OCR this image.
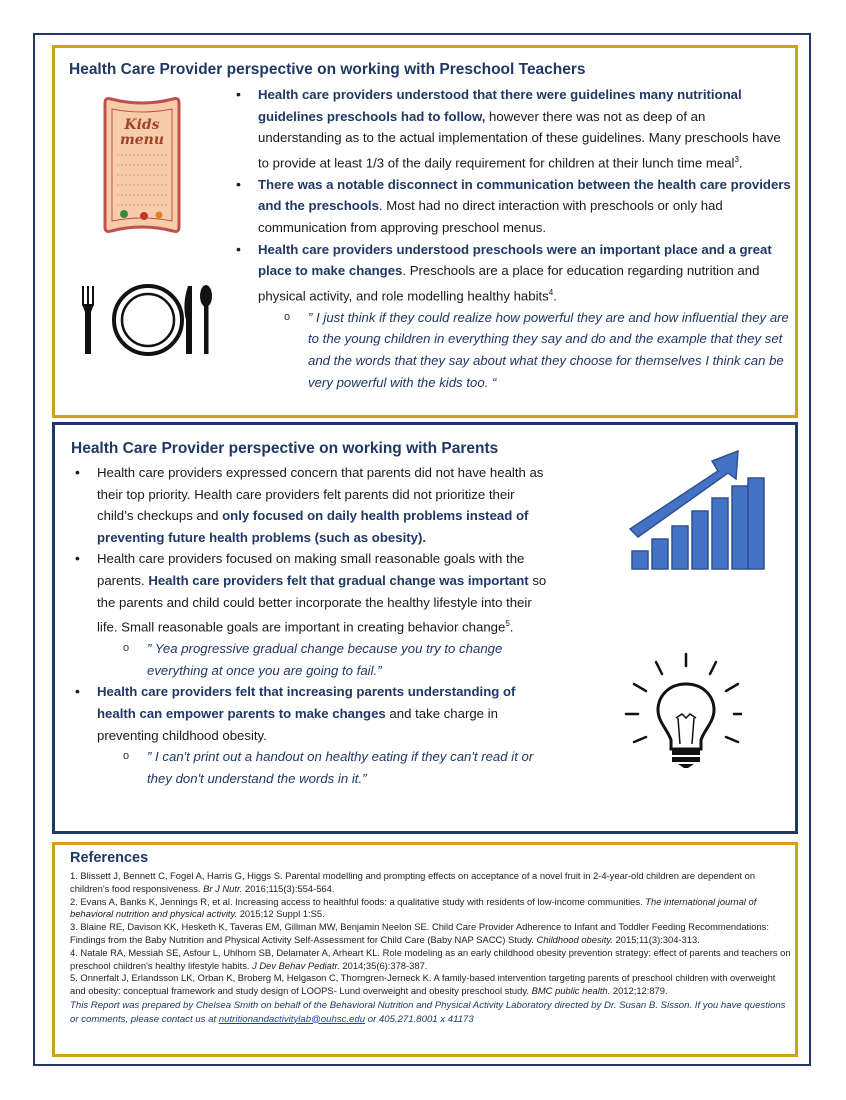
Health Care Provider perspective on working with Preschool Teachers
Kids
menu
• Health care providers understood that there were guidelines many nutritional guidelines preschools had to follow, however there was not as deep of an understanding as to the actual implementation of these guidelines. Many preschools have to provide at least 1/3 of the daily requirement for children at their lunch time meal$^3$.
• There was a notable disconnect in communication between the health care providers and the preschools. Most had no direct interaction with preschools or only had communication from approving preschool menus.
• Health care providers understood preschools were an important place and a great place to make changes. Preschools are a place for education regarding nutrition and physical activity, and role modelling healthy habits$^4$.
o ” I just think if they could realize how powerful they are and how influential they are to the young children in everything they say and do and the example that they set and the words that they say about what they choose for themselves I think can be very powerful with the kids too. “
Health Care Provider perspective on working with Parents
• Health care providers expressed concern that parents did not have health as their top priority. Health care providers felt parents did not prioritize their child’s checkups and only focused on daily health problems instead of preventing future health problems (such as obesity).
• Health care providers focused on making small reasonable goals with the parents. Health care providers felt that gradual change was important so the parents and child could better incorporate the healthy lifestyle into their life. Small reasonable goals are important in creating behavior change$^5$.
o ” Yea progressive gradual change because you try to change everything at once you are going to fail.”
• Health care providers felt that increasing parents understanding of health can empower parents to make changes and take charge in preventing childhood obesity.
o ” I can't print out a handout on healthy eating if they can't read it or they don't understand the words in it.”
References

1. Blissett J, Bennett C, Fogel A, Harris G, Higgs S. Parental modelling and prompting effects on acceptance of a novel fruit in 2-4-year-old children are dependent on children's food responsiveness. Br J Nutr. 2016;115(3):554-564.

2. Evans A, Banks K, Jennings R, et al. Increasing access to healthful foods: a qualitative study with residents of low-income communities. The international journal of behavioral nutrition and physical activity. 2015;12 Suppl 1:S5.

3. Blaine RE, Davison KK, Hesketh K, Taveras EM, Gillman MW, Benjamin Neelon SE. Child Care Provider Adherence to Infant and Toddler Feeding Recommendations: Findings from the Baby Nutrition and Physical Activity Self-Assessment for Child Care (Baby NAP SACC) Study. Childhood obesity. 2015;11(3):304-313.

4. Natale RA, Messiah SE, Asfour L, Uhlhorn SB, Delamater A, Arheart KL. Role modeling as an early childhood obesity prevention strategy: effect of parents and teachers on preschool children's healthy lifestyle habits. J Dev Behav Pediatr. 2014;35(6):378-387.

5. Onnerfalt J, Erlandsson LK, Orban K, Broberg M, Helgason C, Thorngren-Jerneck K. A family-based intervention targeting parents of preschool children with overweight and obesity: conceptual framework and study design of LOOPS- Lund overweight and obesity preschool study. BMC public health. 2012;12:879.

This Report was prepared by Chelsea Smith on behalf of the Behavioral Nutrition and Physical Activity Laboratory directed by Dr. Susan B. Sisson. If you have questions or comments, please contact us at nutritionandactivitylab@ouhsc.edu or 405.271.8001 x 41173
